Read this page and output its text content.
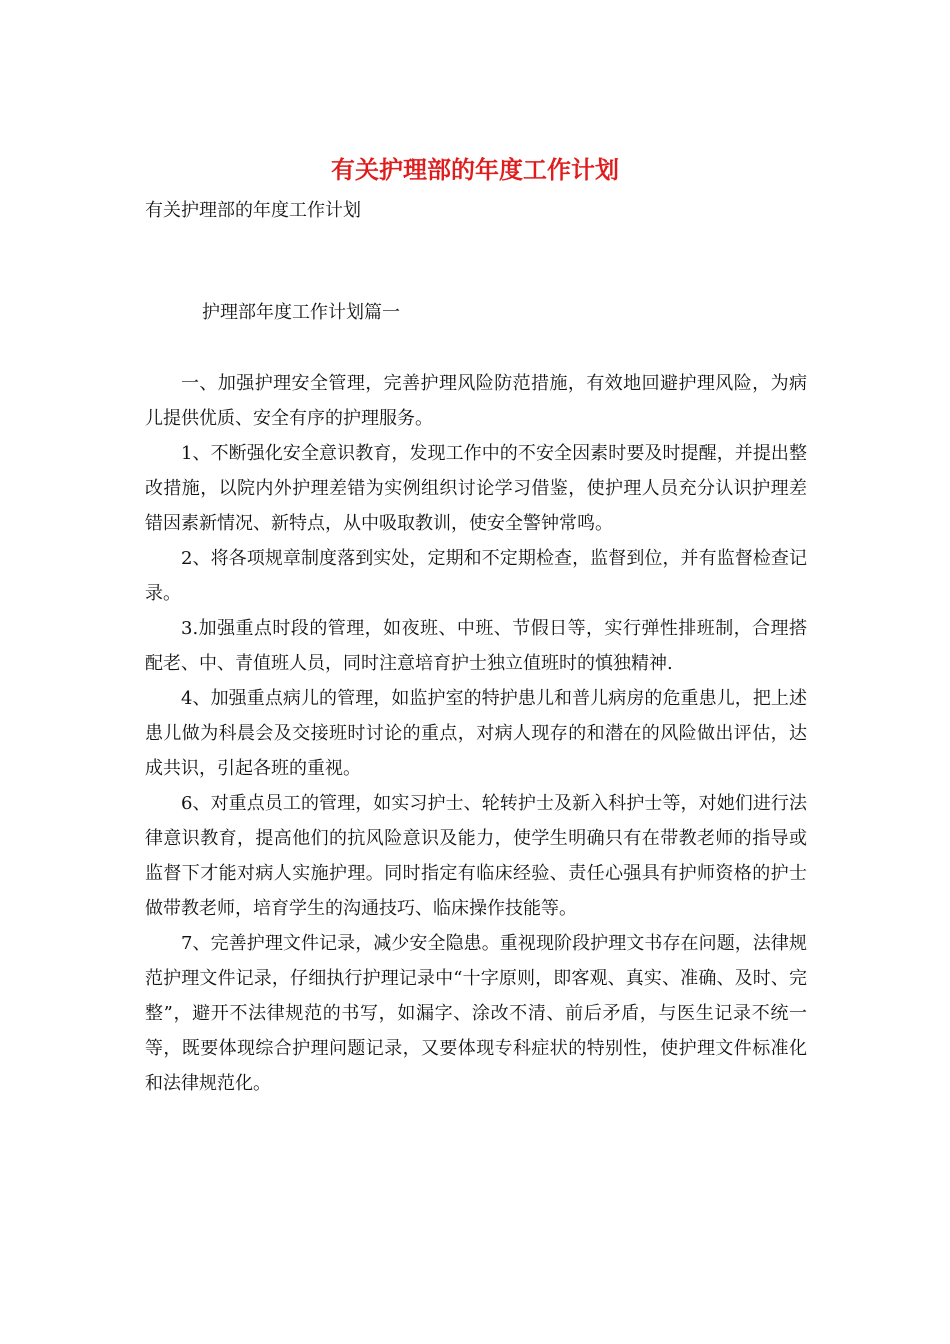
有关护理部的年度工作计划

有关护理部的年度工作计划

护理部年度工作计划篇一

一、加强护理安全管理，完善护理风险防范措施，有效地回避护理风险，为病儿提供优质、安全有序的护理服务。

1、不断强化安全意识教育，发现工作中的不安全因素时要及时提醒，并提出整改措施，以院内外护理差错为实例组织讨论学习借鉴，使护理人员充分认识护理差错因素新情况、新特点，从中吸取教训，使安全警钟常鸣。

2、将各项规章制度落到实处，定期和不定期检查，监督到位，并有监督检查记录。

3.加强重点时段的管理，如夜班、中班、节假日等，实行弹性排班制，合理搭配老、中、青值班人员，同时注意培育护士独立值班时的慎独精神.

4、加强重点病儿的管理，如监护室的特护患儿和普儿病房的危重患儿，把上述患儿做为科晨会及交接班时讨论的重点，对病人现存的和潜在的风险做出评估，达成共识，引起各班的重视。

6、对重点员工的管理，如实习护士、轮转护士及新入科护士等，对她们进行法律意识教育，提高他们的抗风险意识及能力，使学生明确只有在带教老师的指导或监督下才能对病人实施护理。同时指定有临床经验、责任心强具有护师资格的护士做带教老师，培育学生的沟通技巧、临床操作技能等。

7、完善护理文件记录，减少安全隐患。重视现阶段护理文书存在问题，法律规范护理文件记录，仔细执行护理记录中“十字原则，即客观、真实、准确、及时、完整”，避开不法律规范的书写，如漏字、涂改不清、前后矛盾，与医生记录不统一等，既要体现综合护理问题记录，又要体现专科症状的特别性，使护理文件标准化和法律规范化。
